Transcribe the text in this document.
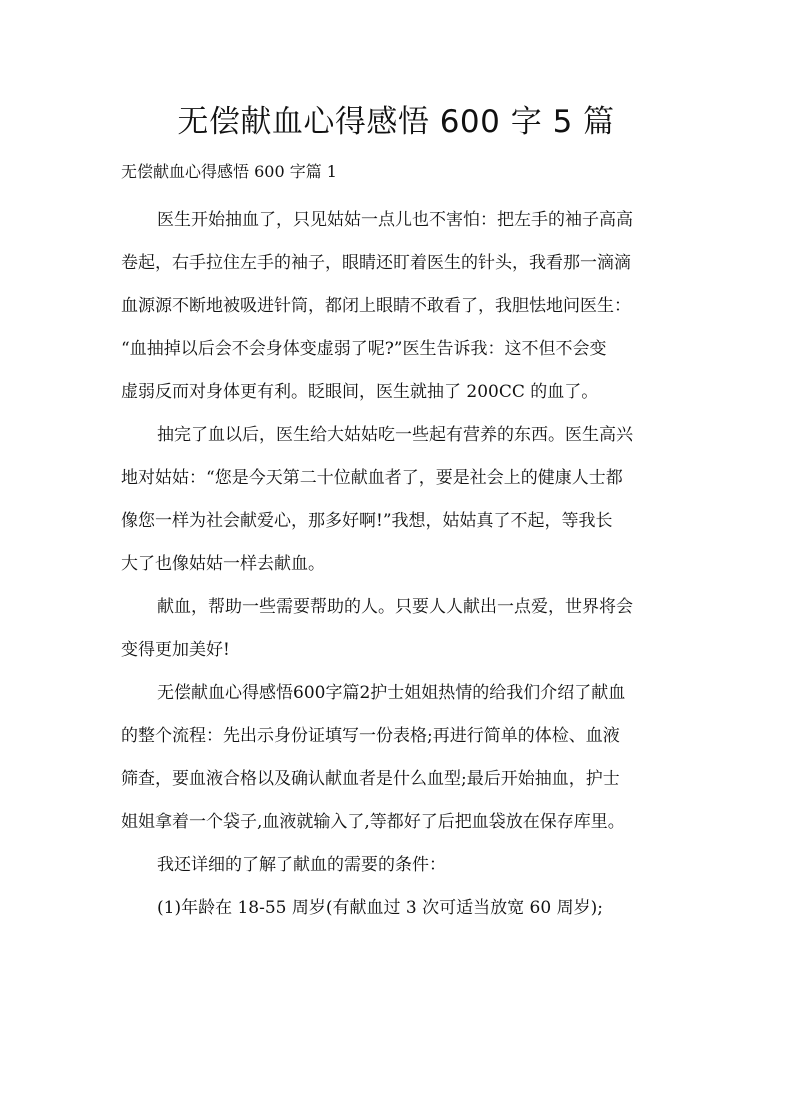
无偿献血心得感悟 600 字 5 篇
无偿献血心得感悟 600 字篇 1
医生开始抽血了，只见姑姑一点儿也不害怕：把左手的袖子高高
卷起，右手拉住左手的袖子，眼睛还盯着医生的针头，我看那一滴滴
血源源不断地被吸进针筒，都闭上眼睛不敢看了，我胆怯地问医生：
“血抽掉以后会不会身体变虚弱了呢?”医生告诉我：这不但不会变
虚弱反而对身体更有利。眨眼间，医生就抽了 200CC 的血了。
抽完了血以后，医生给大姑姑吃一些起有营养的东西。医生高兴
地对姑姑：“您是今天第二十位献血者了，要是社会上的健康人士都
像您一样为社会献爱心，那多好啊!”我想，姑姑真了不起，等我长
大了也像姑姑一样去献血。
献血，帮助一些需要帮助的人。只要人人献出一点爱，世界将会
变得更加美好!
无偿献血心得感悟600字篇2护士姐姐热情的给我们介绍了献血
的整个流程：先出示身份证填写一份表格;再进行简单的体检、血液
筛查，要血液合格以及确认献血者是什么血型;最后开始抽血，护士
姐姐拿着一个袋子,血液就输入了,等都好了后把血袋放在保存库里。
我还详细的了解了献血的需要的条件：
(1)年龄在 18-55 周岁(有献血过 3 次可适当放宽 60 周岁);
